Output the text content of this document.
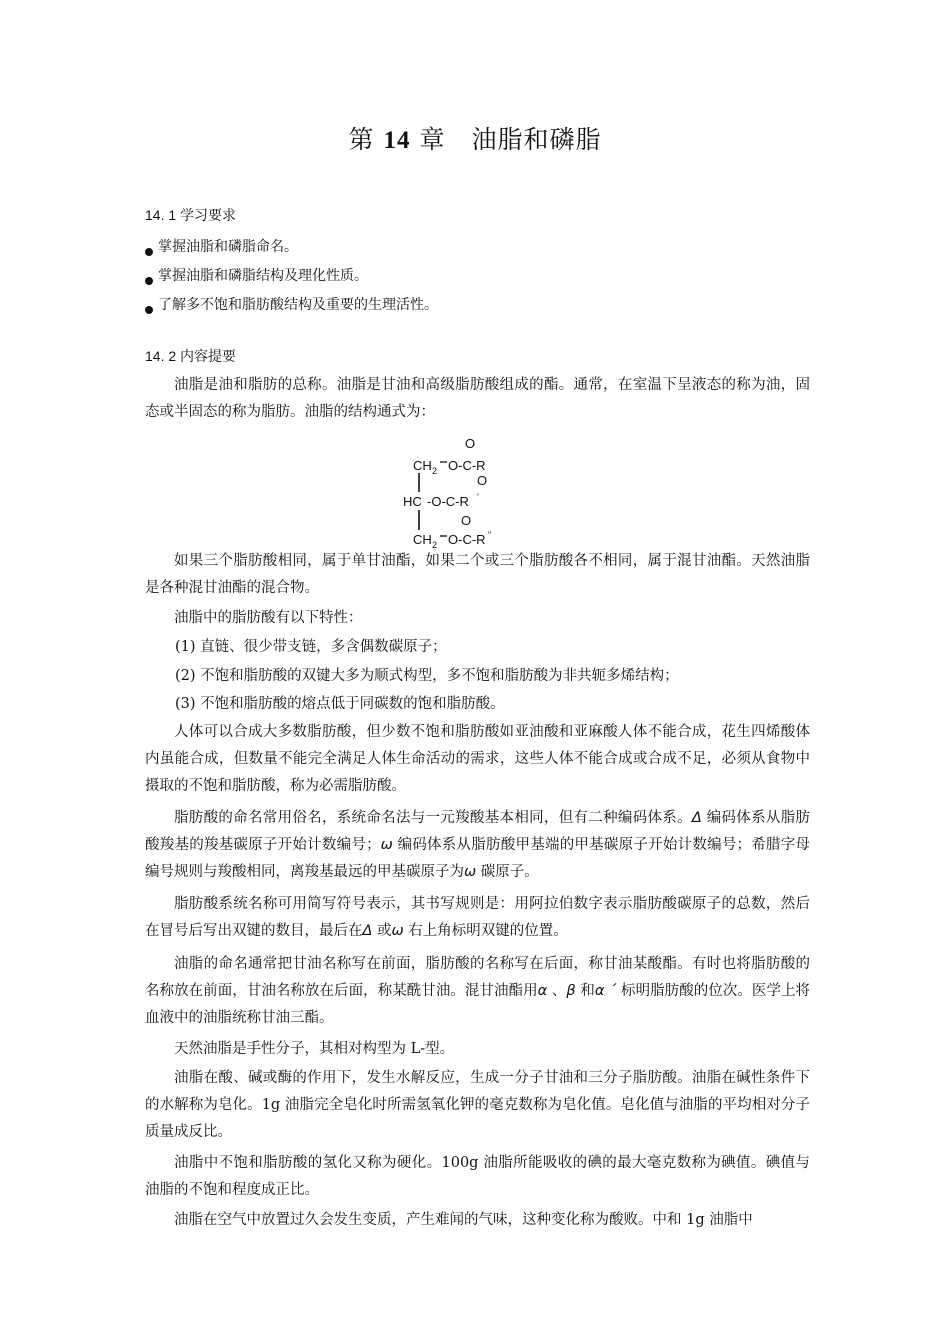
第 14 章　油脂和磷脂
14. 1 学习要求
掌握油脂和磷脂命名。
掌握油脂和磷脂结构及理化性质。
了解多不饱和脂肪酸结构及重要的生理活性。
14. 2 内容提要

油脂是油和脂肪的总称。油脂是甘油和高级脂肪酸组成的酯。通常，在室温下呈液态的称为油，固态或半固态的称为脂肪。油脂的结构通式为：

O
CH 2 O-C-R
O
HC -O-C-R '
O
CH 2 O-C-R "

如果三个脂肪酸相同，属于单甘油酯，如果二个或三个脂肪酸各不相同，属于混甘油酯。天然油脂是各种混甘油酯的混合物。

油脂中的脂肪酸有以下特性：

(1) 直链、很少带支链，多含偶数碳原子；
(2) 不饱和脂肪酸的双键大多为顺式构型，多不饱和脂肪酸为非共轭多烯结构；
(3) 不饱和脂肪酸的熔点低于同碳数的饱和脂肪酸。

人体可以合成大多数脂肪酸，但少数不饱和脂肪酸如亚油酸和亚麻酸人体不能合成，花生四烯酸体内虽能合成，但数量不能完全满足人体生命活动的需求，这些人体不能合成或合成不足，必须从食物中摄取的不饱和脂肪酸，称为必需脂肪酸。

脂肪酸的命名常用俗名，系统命名法与一元羧酸基本相同，但有二种编码体系。Δ 编码体系从脂肪酸羧基的羧基碳原子开始计数编号；ω 编码体系从脂肪酸甲基端的甲基碳原子开始计数编号；希腊字母编号规则与羧酸相同，离羧基最远的甲基碳原子为ω 碳原子。

脂肪酸系统名称可用简写符号表示，其书写规则是：用阿拉伯数字表示脂肪酸碳原子的总数，然后在冒号后写出双键的数目，最后在Δ 或ω 右上角标明双键的位置。

油脂的命名通常把甘油名称写在前面，脂肪酸的名称写在后面，称甘油某酸酯。有时也将脂肪酸的名称放在前面，甘油名称放在后面，称某酰甘油。混甘油酯用α 、β 和α ˊ 标明脂肪酸的位次。医学上将血液中的油脂统称甘油三酯。

天然油脂是手性分子，其相对构型为 L-型。

油脂在酸、碱或酶的作用下，发生水解反应，生成一分子甘油和三分子脂肪酸。油脂在碱性条件下的水解称为皂化。1g 油脂完全皂化时所需氢氧化钾的毫克数称为皂化值。皂化值与油脂的平均相对分子质量成反比。

油脂中不饱和脂肪酸的氢化又称为硬化。100g 油脂所能吸收的碘的最大毫克数称为碘值。碘值与油脂的不饱和程度成正比。

油脂在空气中放置过久会发生变质，产生难闻的气味，这种变化称为酸败。中和 1g 油脂中
